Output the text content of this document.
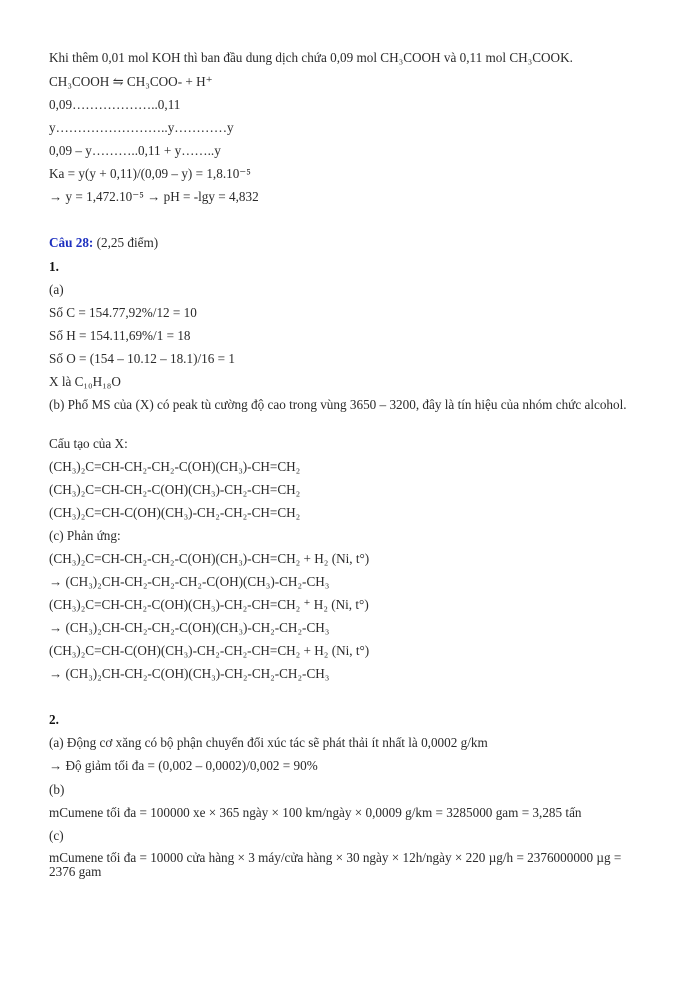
Khi thêm 0,01 mol KOH thì ban đầu dung dịch chứa 0,09 mol CH₃COOH và 0,11 mol CH₃COOK.
CH₃COOH ⇋ CH₃COO- + H⁺
0,09………………..0,11
y……………………..y…………y
0,09 – y………..0,11 + y……..y
Ka = y(y + 0,11)/(0,09 – y) = 1,8.10⁻⁵
→ y = 1,472.10⁻⁵ → pH = -lgy = 4,832
Câu 28: (2,25 điểm)
1.
(a)
Số C = 154.77,92%/12 = 10
Số H = 154.11,69%/1 = 18
Số O = (154 – 10.12 – 18.1)/16 = 1
X là C₁₀H₁₈O
(b) Phổ MS của (X) có peak tù cường độ cao trong vùng 3650 – 3200, đây là tín hiệu của nhóm chức alcohol.
Cấu tạo của X:
(CH₃)₂C=CH-CH₂-CH₂-C(OH)(CH₃)-CH=CH₂
(CH₃)₂C=CH-CH₂-C(OH)(CH₃)-CH₂-CH=CH₂
(CH₃)₂C=CH-C(OH)(CH₃)-CH₂-CH₂-CH=CH₂
(c) Phản ứng:
(CH₃)₂C=CH-CH₂-CH₂-C(OH)(CH₃)-CH=CH₂ + H₂ (Ni, t°)
→ (CH₃)₂CH-CH₂-CH₂-CH₂-C(OH)(CH₃)-CH₂-CH₃
(CH₃)₂C=CH-CH₂-C(OH)(CH₃)-CH₂-CH=CH₂ ⁺ H₂ (Ni, t°)
→ (CH₃)₂CH-CH₂-CH₂-C(OH)(CH₃)-CH₂-CH₂-CH₃
(CH₃)₂C=CH-C(OH)(CH₃)-CH₂-CH₂-CH=CH₂ + H₂ (Ni, t°)
→ (CH₃)₂CH-CH₂-C(OH)(CH₃)-CH₂-CH₂-CH₂-CH₃
2.
(a) Động cơ xăng có bộ phận chuyển đổi xúc tác sẽ phát thải ít nhất là 0,0002 g/km
→ Độ giảm tối đa = (0,002 – 0,0002)/0,002 = 90%
(b)
mCumene tối đa = 100000 xe × 365 ngày × 100 km/ngày × 0,0009 g/km = 3285000 gam = 3,285 tấn
(c)
mCumene tối đa = 10000 cửa hàng × 3 máy/cửa hàng × 30 ngày × 12h/ngày × 220 µg/h = 2376000000 µg = 2376 gam
